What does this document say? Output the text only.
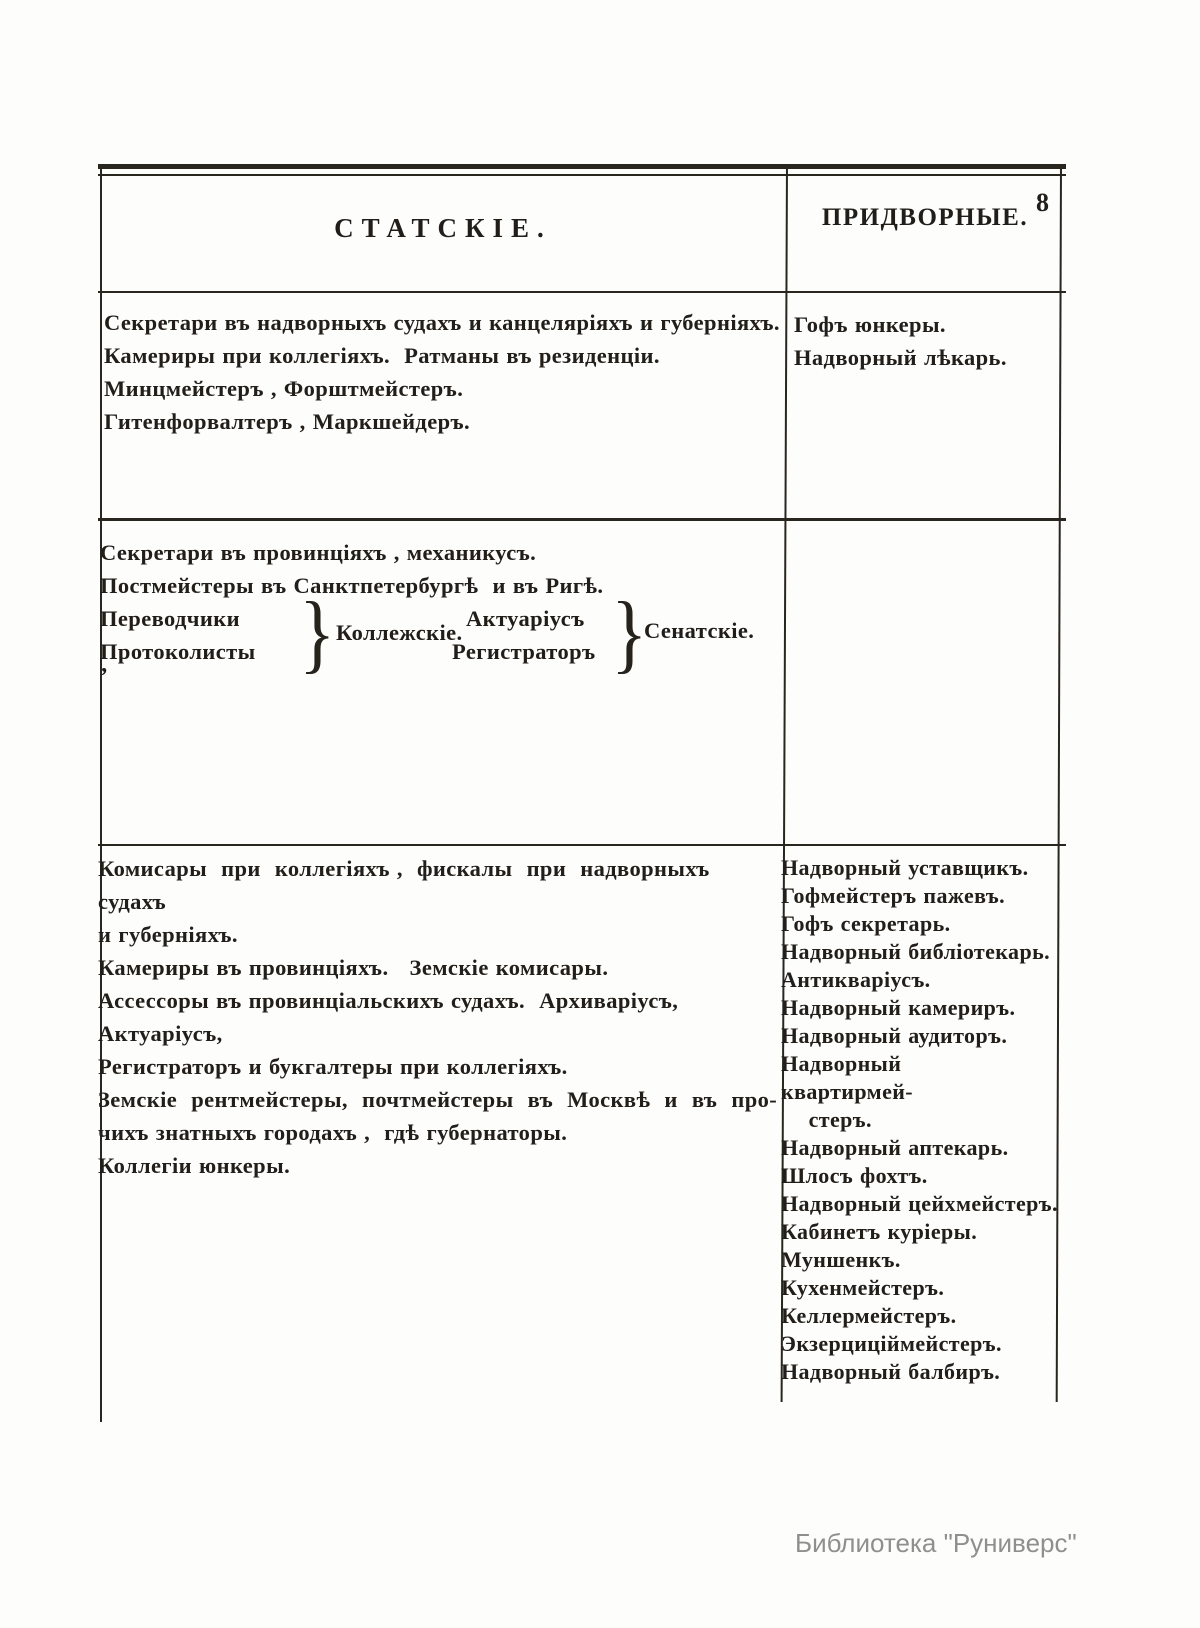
СТАТСКІЕ.	ПРИДВОРНЫЕ.
8
Секретари въ надворныхъ судахъ и канцеляріяхъ и губерніяхъ.
Камериры при коллегіяхъ.  Ратманы въ резиденціи.
Минцмейстеръ , Форштмейстеръ.
Гитенфорвалтеръ , Маркшейдеръ.
Гофъ юнкеры.
Надворный лѣкарь.
Секретари въ провинціяхъ , механикусъ.
Постмейстеры въ Санктпетербургѣ  и въ Ригѣ.
Переводчики
Протоколисты } Коллежскіе.
Актуаріусъ
Регистраторъ }
Сенатскіе.
’
Комисары  при  коллегіяхъ ,  фискалы  при  надворныхъ   судахъ
и губерніяхъ.
Камериры въ провинціяхъ.   Земскіе комисары.
Ассессоры въ провинціальскихъ судахъ.  Архиваріусъ,  Актуаріусъ,
Регистраторъ и букгалтеры при коллегіяхъ.
Земскіе  рентмейстеры,  почтмейстеры  въ  Москвѣ  и  въ  про-
чихъ знатныхъ городахъ ,  гдѣ губернаторы.
Коллегіи юнкеры.
Надворный уставщикъ.
Гофмейстеръ пажевъ.
Гофъ секретарь.
Надворный библіотекарь.
Антикваріусъ.
Надворный камериръ.
Надворный аудиторъ.
Надворный    квартирмей-
стеръ.
Надворный аптекарь.
Шлосъ фохтъ.
Надворный цейхмейстеръ.
Кабинетъ куріеры.
Муншенкъ.
Кухенмейстеръ.
Келлермейстеръ.
Экзерциціймейстеръ.
Надворный балбиръ.
Библиотека "Руниверс"
